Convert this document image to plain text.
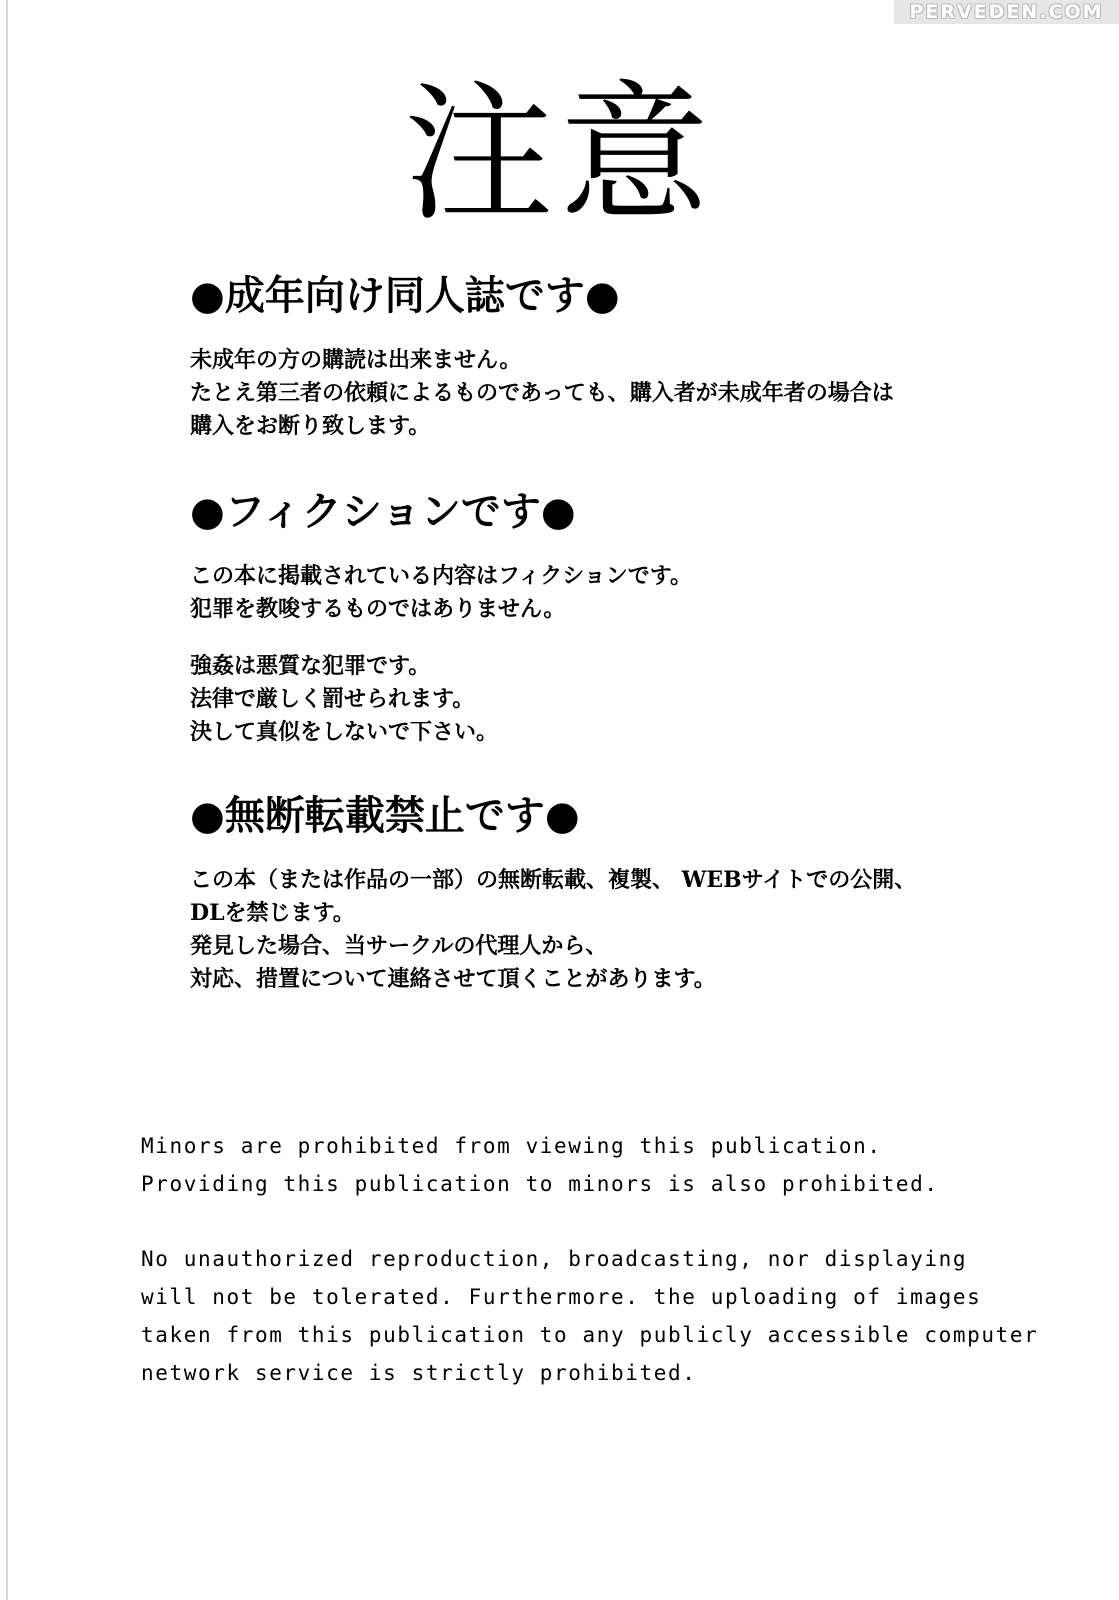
PERVEDEN.COM
注意
●成年向け同人誌です●
未成年の方の購読は出来ません。
たとえ第三者の依頼によるものであっても、購入者が未成年者の場合は
購入をお断り致します。
●フィクションです●
この本に掲載されている内容はフィクションです。
犯罪を教唆するものではありません。
強姦は悪質な犯罪です。
法律で厳しく罰せられます。
決して真似をしないで下さい。
●無断転載禁止です●
この本（または作品の一部）の無断転載、複製、 WEBサイトでの公開、
DLを禁じます。
発見した場合、当サークルの代理人から、
対応、措置について連絡させて頂くことがあります。
Minors are prohibited from viewing this publication.
Providing this publication to minors is also prohibited.
No unauthorized reproduction, broadcasting, nor displaying
will not be tolerated. Furthermore. the uploading of images
taken from this publication to any publicly accessible computer
network service is strictly prohibited.
